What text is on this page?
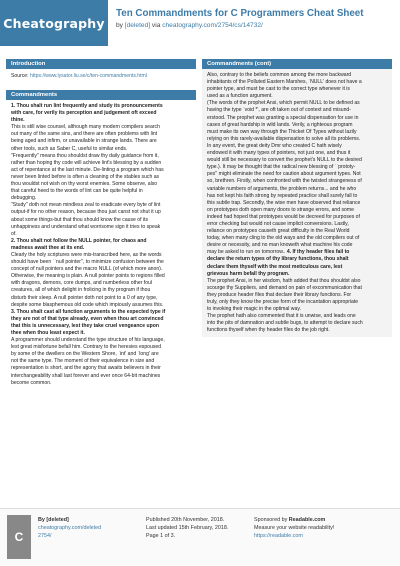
Cheatography
Ten Commandments for C Programmers Cheat Sheet
by [deleted] via cheatography.com/2754/cs/14732/
Introduction
Source: https://www.lysator.liu.se/c/ten-commandments.html
Commandments
1. Thou shalt run lint frequently and study its pronouncements
with care, for verily its perception and judgement oft exceed
thine.
This is still wise counsel, although many modern compilers search
out many of the same sins, and there are often problems with lint
being aged and infirm, or unavailable in strange lands. There are
other tools, such as Saber C, useful to similar ends.
"Frequently" means thou shouldst draw thy daily guidance from it,
rather than hoping thy code will achieve lint's blessing by a sudden
act of repentance at the last minute. De-linting a program which has
never been linted before is often a cleaning of the stables such as
thou wouldst not wish on thy worst enemies. Some observe, also
that careful heed to the words of lint can be quite helpful in
debugging.
"Study" doth not mean mindless zeal to eradicate every byte of lint
output-if for no other reason, because thou just canst not shut it up
about some things-but that thou should know the cause of its
unhappiness and understand what worrisome sign it tries to speak
of.
2. Thou shalt not follow the NULL pointer, for chaos and
madness await thee at its end.
Clearly the holy scriptures were mis-transcribed here, as the words
should have been ``null pointer'', to minimize confusion between the
concept of null pointers and the macro NULL (of which more anon).
Otherwise, the meaning is plain. A null pointer points to regions filled
with dragons, demons, core dumps, and numberless other foul
creatures, all of which delight in frolicing in thy program if thou
disturb their sleep. A null pointer doth not point to a 0 of any type,
despite some blasphemous old code which impiously assumes this.
3. Thou shalt cast all function arguments to the expected type if
they are not of that type already, even when thou art convinced
that this is unnecessary, lest they take cruel vengeance upon
thee when thou least expect it.
A programmer should understand the type structure of his language,
lest great misfortune befall him. Contrary to the heresies espoused
by some of the dwellers on the Western Shore, `int' and `long' are
not the same type. The moment of their equivalence in size and
representation is short, and the agony that awaits believers in their
interchangeability shall last forever and ever once 64-bit machines
become common.
Commandments (cont)
Also, contrary to the beliefs common among the more backward
inhabitants of the Polluted Eastern Marshes, `NULL' does not have a
pointer type, and must be cast to the correct type whenever it is
used as a function argument.
(The words of the prophet Ansi, which permit NULL to be defined as
having the type `void *', are oft taken out of context and misund-
erstood. The prophet was granting a special dispensation for use in
cases of great hardship in wild lands. Verily, a righteous program
must make its own way through the Thicket Of Types without lazily
relying on this rarely-available dispensation to solve all its problems.
In any event, the great deity Dmr who created C hath wisely
endowed it with many types of pointers, not just one, and thus it
would still be necessary to convert the prophet's NULL to the desired
type.). It may be thought that the radical new blessing of ``prototy-
pes'' might eliminate the need for caution about argument types. Not
so, brethren. Firstly, when confronted with the twisted strangeness of
variable numbers of arguments, the problem returns... and he who
has not kept his faith strong by repeated practice shall surely fall to
this subtle trap. Secondly, the wise men have observed that reliance
on prototypes doth open many doors to strange errors, and some
indeed had hoped that prototypes would be decreed for purposes of
error checking but would not cause implicit conversions. Lastly,
reliance on prototypes causeth great difficulty in the Real World
today, when many cling to the old ways and the old compilers out of
desire or necessity, and no man knoweth what machine his code
may be asked to run on tomorrow.. 4. If thy header files fail to
declare the return types of thy library functions, thou shalt
declare them thyself with the most meticulous care, lest
grievous harm befall thy program.
The prophet Ansi, in her wisdom, hath added that thou shouldst also
scourge thy Suppliers, and demand on pain of excommunication that
they produce header files that declare their library functions. For
truly, only they know the precise form of the incantation appropriate
to invoking their magic in the optimal way.
The prophet hath also commented that it is unwise, and leads one
into the pits of damnation and subtle bugs, to attempt to declare such
functions thyself when thy header files do the job right.
C
By [deleted]
cheatography.com/deleted
2754/
Published 20th November, 2018.
Last updated 15th February, 2018.
Page 1 of 3.
Sponsored by Readable.com
Measure your website readability!
https://readable.com
